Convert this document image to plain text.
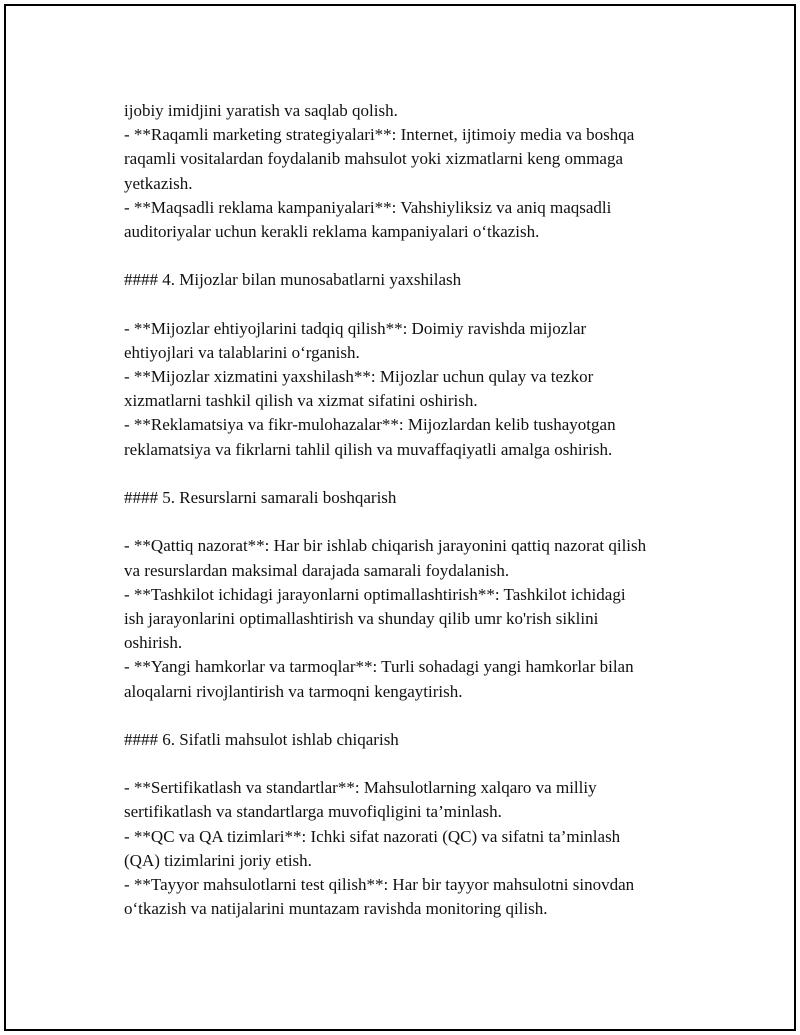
ijobiy imidjini yaratish va saqlab qolish.
- **Raqamli marketing strategiyalari**: Internet, ijtimoiy media va boshqa
raqamli vositalardan foydalanib mahsulot yoki xizmatlarni keng ommaga
yetkazish.
- **Maqsadli reklama kampaniyalari**: Vahshiyliksiz va aniq maqsadli
auditoriyalar uchun kerakli reklama kampaniyalari o‘tkazish.
#### 4. Mijozlar bilan munosabatlarni yaxshilash
- **Mijozlar ehtiyojlarini tadqiq qilish**: Doimiy ravishda mijozlar
ehtiyojlari va talablarini o‘rganish.
- **Mijozlar xizmatini yaxshilash**: Mijozlar uchun qulay va tezkor
xizmatlarni tashkil qilish va xizmat sifatini oshirish.
- **Reklamatsiya va fikr-mulohazalar**: Mijozlardan kelib tushayotgan
reklamatsiya va fikrlarni tahlil qilish va muvaffaqiyatli amalga oshirish.
#### 5. Resurslarni samarali boshqarish
- **Qattiq nazorat**: Har bir ishlab chiqarish jarayonini qattiq nazorat qilish
va resurslardan maksimal darajada samarali foydalanish.
- **Tashkilot ichidagi jarayonlarni optimallashtirish**: Tashkilot ichidagi
ish jarayonlarini optimallashtirish va shunday qilib umr ko'rish siklini
oshirish.
- **Yangi hamkorlar va tarmoqlar**: Turli sohadagi yangi hamkorlar bilan
aloqalarni rivojlantirish va tarmoqni kengaytirish.
#### 6. Sifatli mahsulot ishlab chiqarish
- **Sertifikatlash va standartlar**: Mahsulotlarning xalqaro va milliy
sertifikatlash va standartlarga muvofiqligini ta’minlash.
- **QC va QA tizimlari**: Ichki sifat nazorati (QC) va sifatni ta’minlash
(QA) tizimlarini joriy etish.
- **Tayyor mahsulotlarni test qilish**: Har bir tayyor mahsulotni sinovdan
o‘tkazish va natijalarini muntazam ravishda monitoring qilish.
